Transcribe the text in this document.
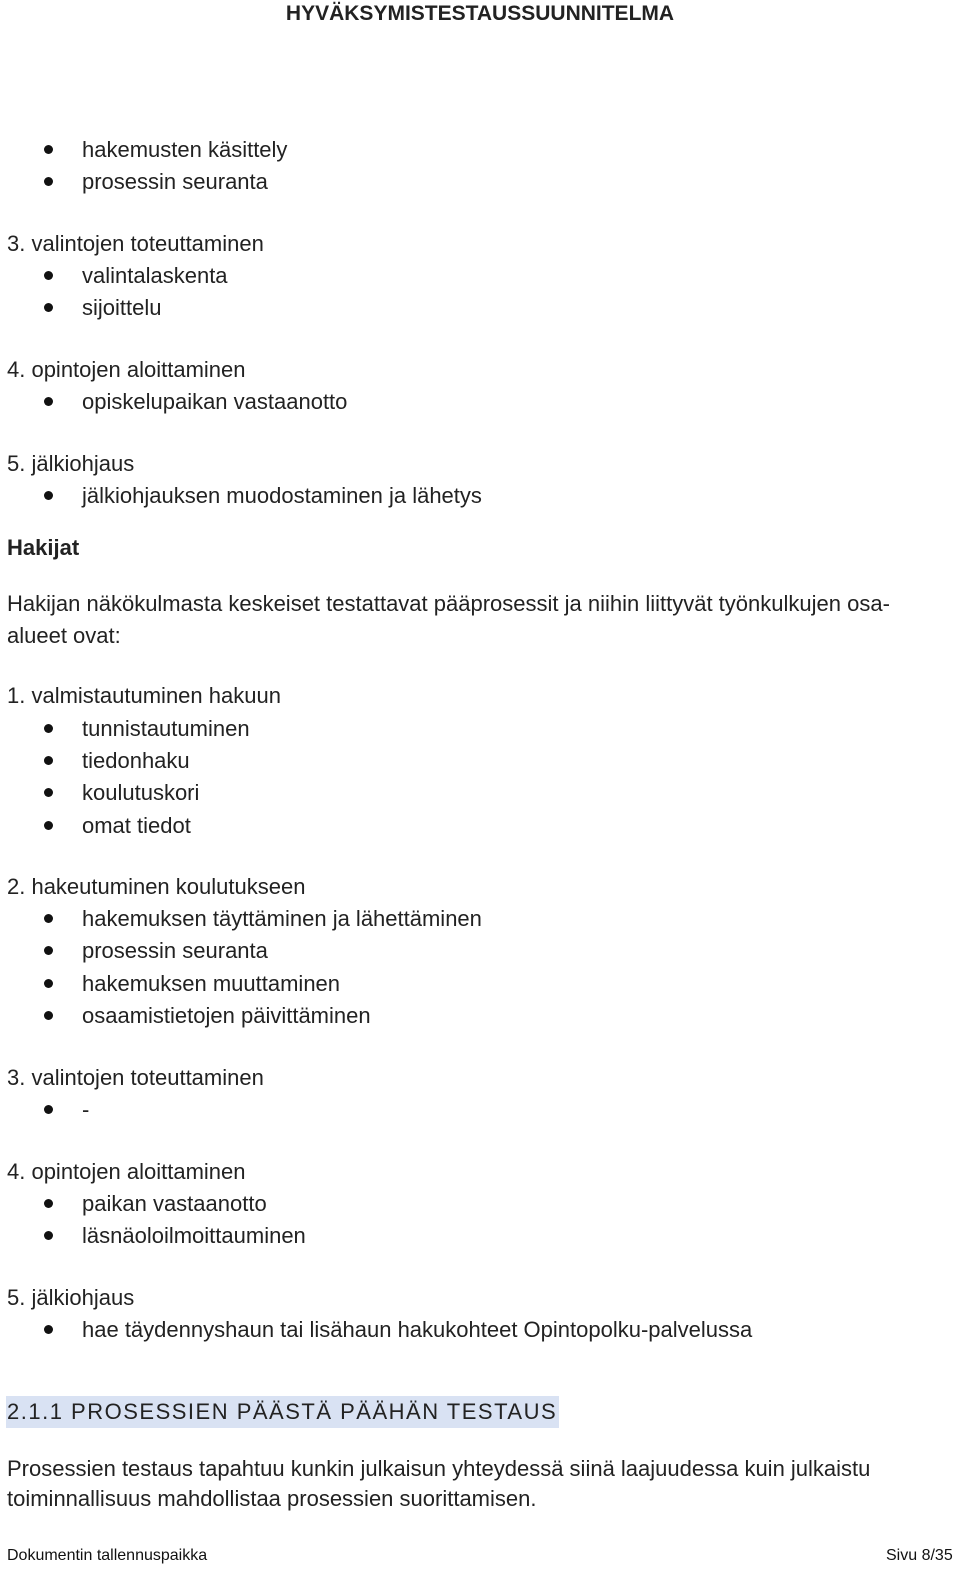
HYVÄKSYMISTESTAUSSUUNNITELMA
hakemusten käsittely
prosessin seuranta
3. valintojen toteuttaminen
valintalaskenta
sijoittelu
4. opintojen aloittaminen
opiskelupaikan vastaanotto
5. jälkiohjaus
jälkiohjauksen muodostaminen ja lähetys
Hakijat
Hakijan näkökulmasta keskeiset testattavat pääprosessit ja niihin liittyvät työnkulkujen osa-
alueet ovat:
1. valmistautuminen hakuun
tunnistautuminen
tiedonhaku
koulutuskori
omat tiedot
2. hakeutuminen koulutukseen
hakemuksen täyttäminen ja lähettäminen
prosessin seuranta
hakemuksen muuttaminen
osaamistietojen päivittäminen
3. valintojen toteuttaminen
-
4. opintojen aloittaminen
paikan vastaanotto
läsnäoloilmoittauminen
5. jälkiohjaus
hae täydennyshaun tai lisähaun hakukohteet Opintopolku-palvelussa
2.1.1 PROSESSIEN PÄÄSTÄ PÄÄHÄN TESTAUS
Prosessien testaus tapahtuu kunkin julkaisun yhteydessä siinä laajuudessa kuin julkaistu
toiminnallisuus mahdollistaa prosessien suorittamisen.
Dokumentin tallennuspaikka	Sivu 8/35
